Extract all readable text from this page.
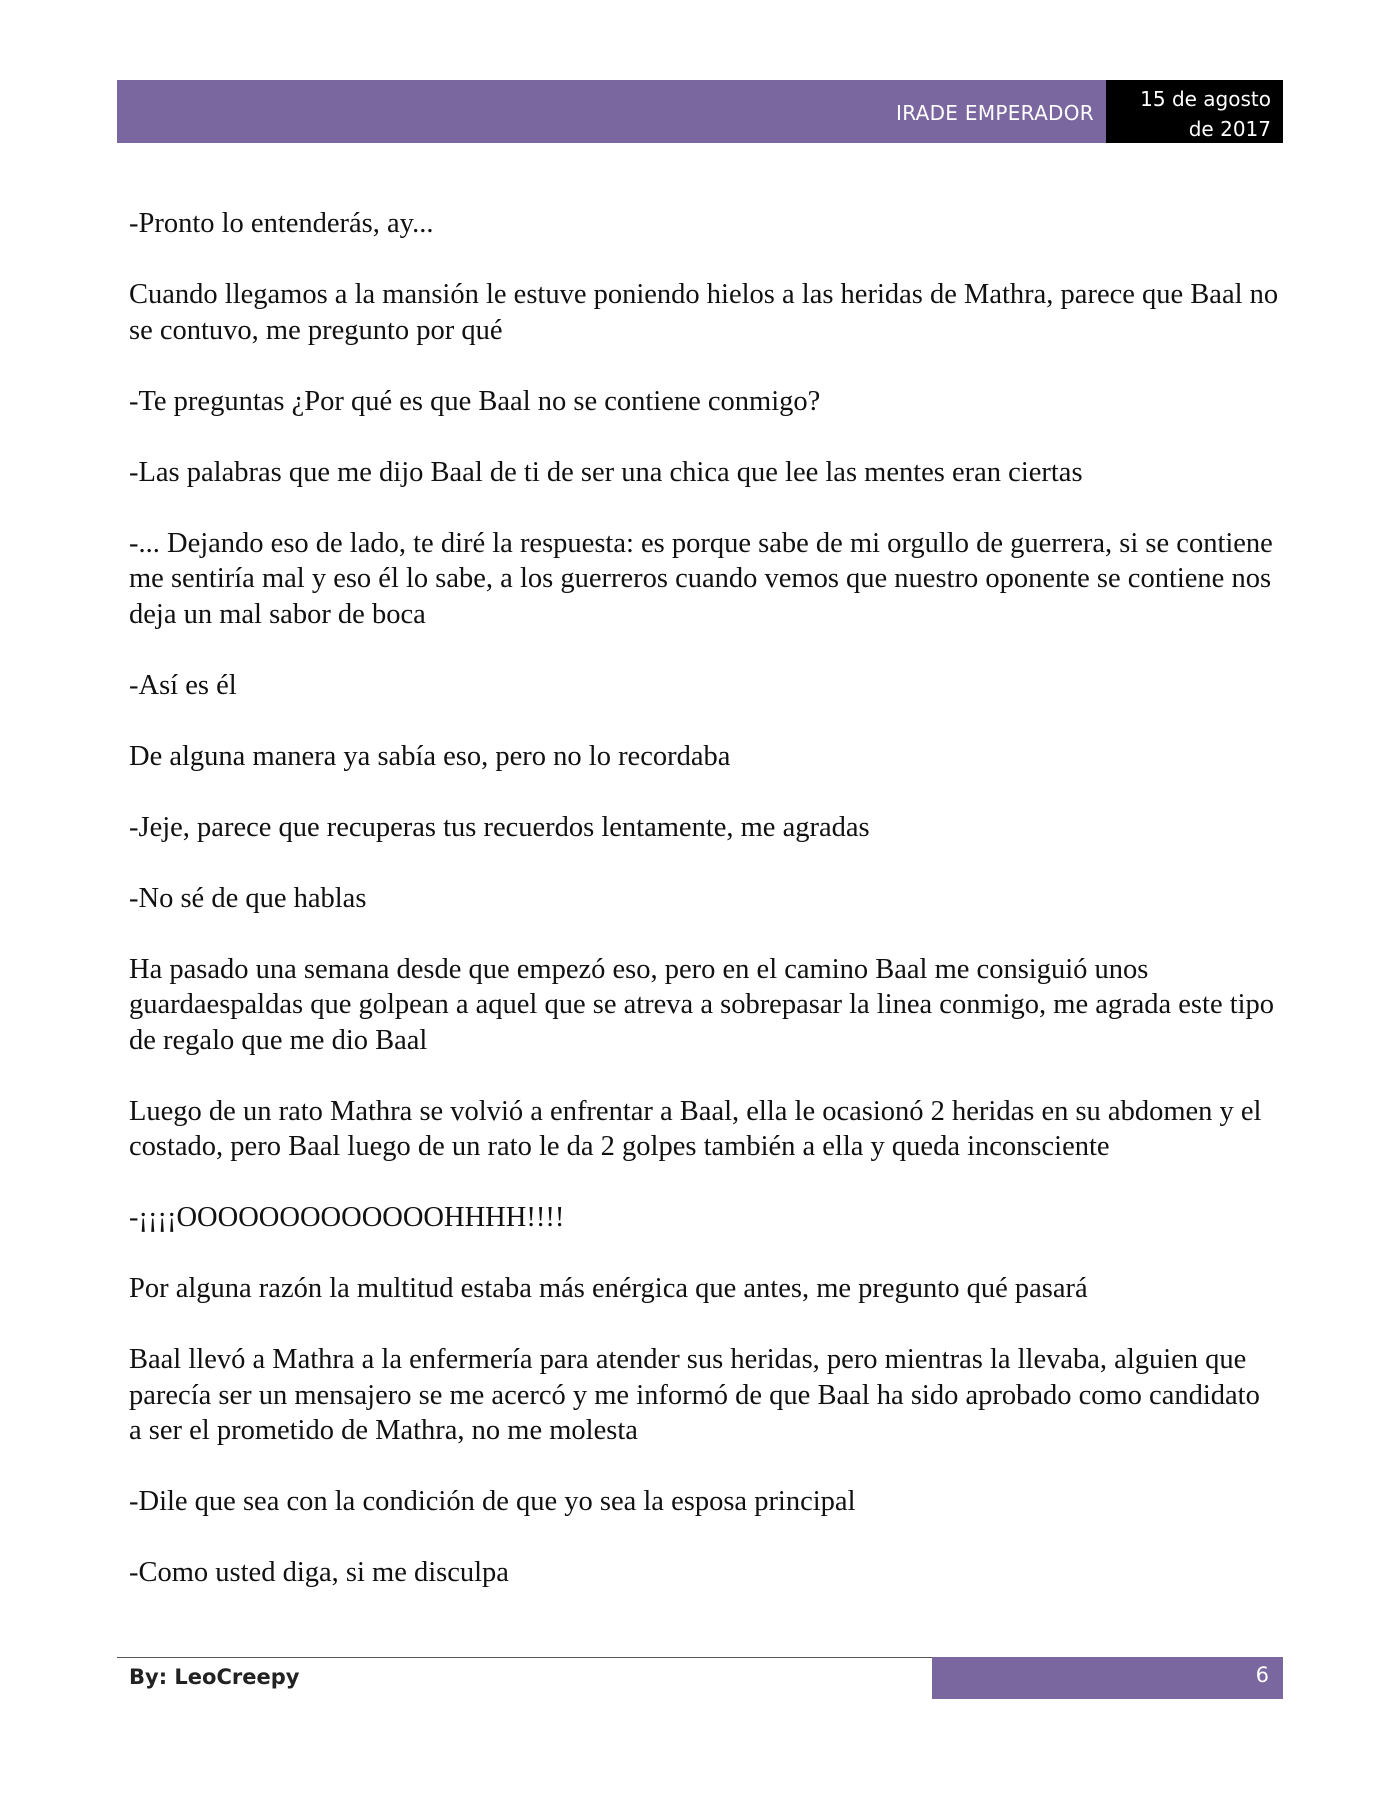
IRADE EMPERADOR
15 de agosto
de 2017

-Pronto lo entenderás, ay...

Cuando llegamos a la mansión le estuve poniendo hielos a las heridas de Mathra, parece que Baal no se contuvo, me pregunto por qué

-Te preguntas ¿Por qué es que Baal no se contiene conmigo?

-Las palabras que me dijo Baal de ti de ser una chica que lee las mentes eran ciertas

-... Dejando eso de lado, te diré la respuesta: es porque sabe de mi orgullo de guerrera, si se contiene me sentiría mal y eso él lo sabe, a los guerreros cuando vemos que nuestro oponente se contiene nos deja un mal sabor de boca

-Así es él

De alguna manera ya sabía eso, pero no lo recordaba

-Jeje, parece que recuperas tus recuerdos lentamente, me agradas

-No sé de que hablas

Ha pasado una semana desde que empezó eso, pero en el camino Baal me consiguió unos guardaespaldas que golpean a aquel que se atreva a sobrepasar la linea conmigo, me agrada este tipo de regalo que me dio Baal

Luego de un rato Mathra se volvió a enfrentar a Baal, ella le ocasionó 2 heridas en su abdomen y el costado, pero Baal luego de un rato le da 2 golpes también a ella y queda inconsciente

-¡¡¡¡OOOOOOOOOOOOOHHHH!!!!

Por alguna razón la multitud estaba más enérgica que antes, me pregunto qué pasará

Baal llevó a Mathra a la enfermería para atender sus heridas, pero mientras la llevaba, alguien que parecía ser un mensajero se me acercó y me informó de que Baal ha sido aprobado como candidato a ser el prometido de Mathra, no me molesta

-Dile que sea con la condición de que yo sea la esposa principal

-Como usted diga, si me disculpa

By: LeoCreepy	6
